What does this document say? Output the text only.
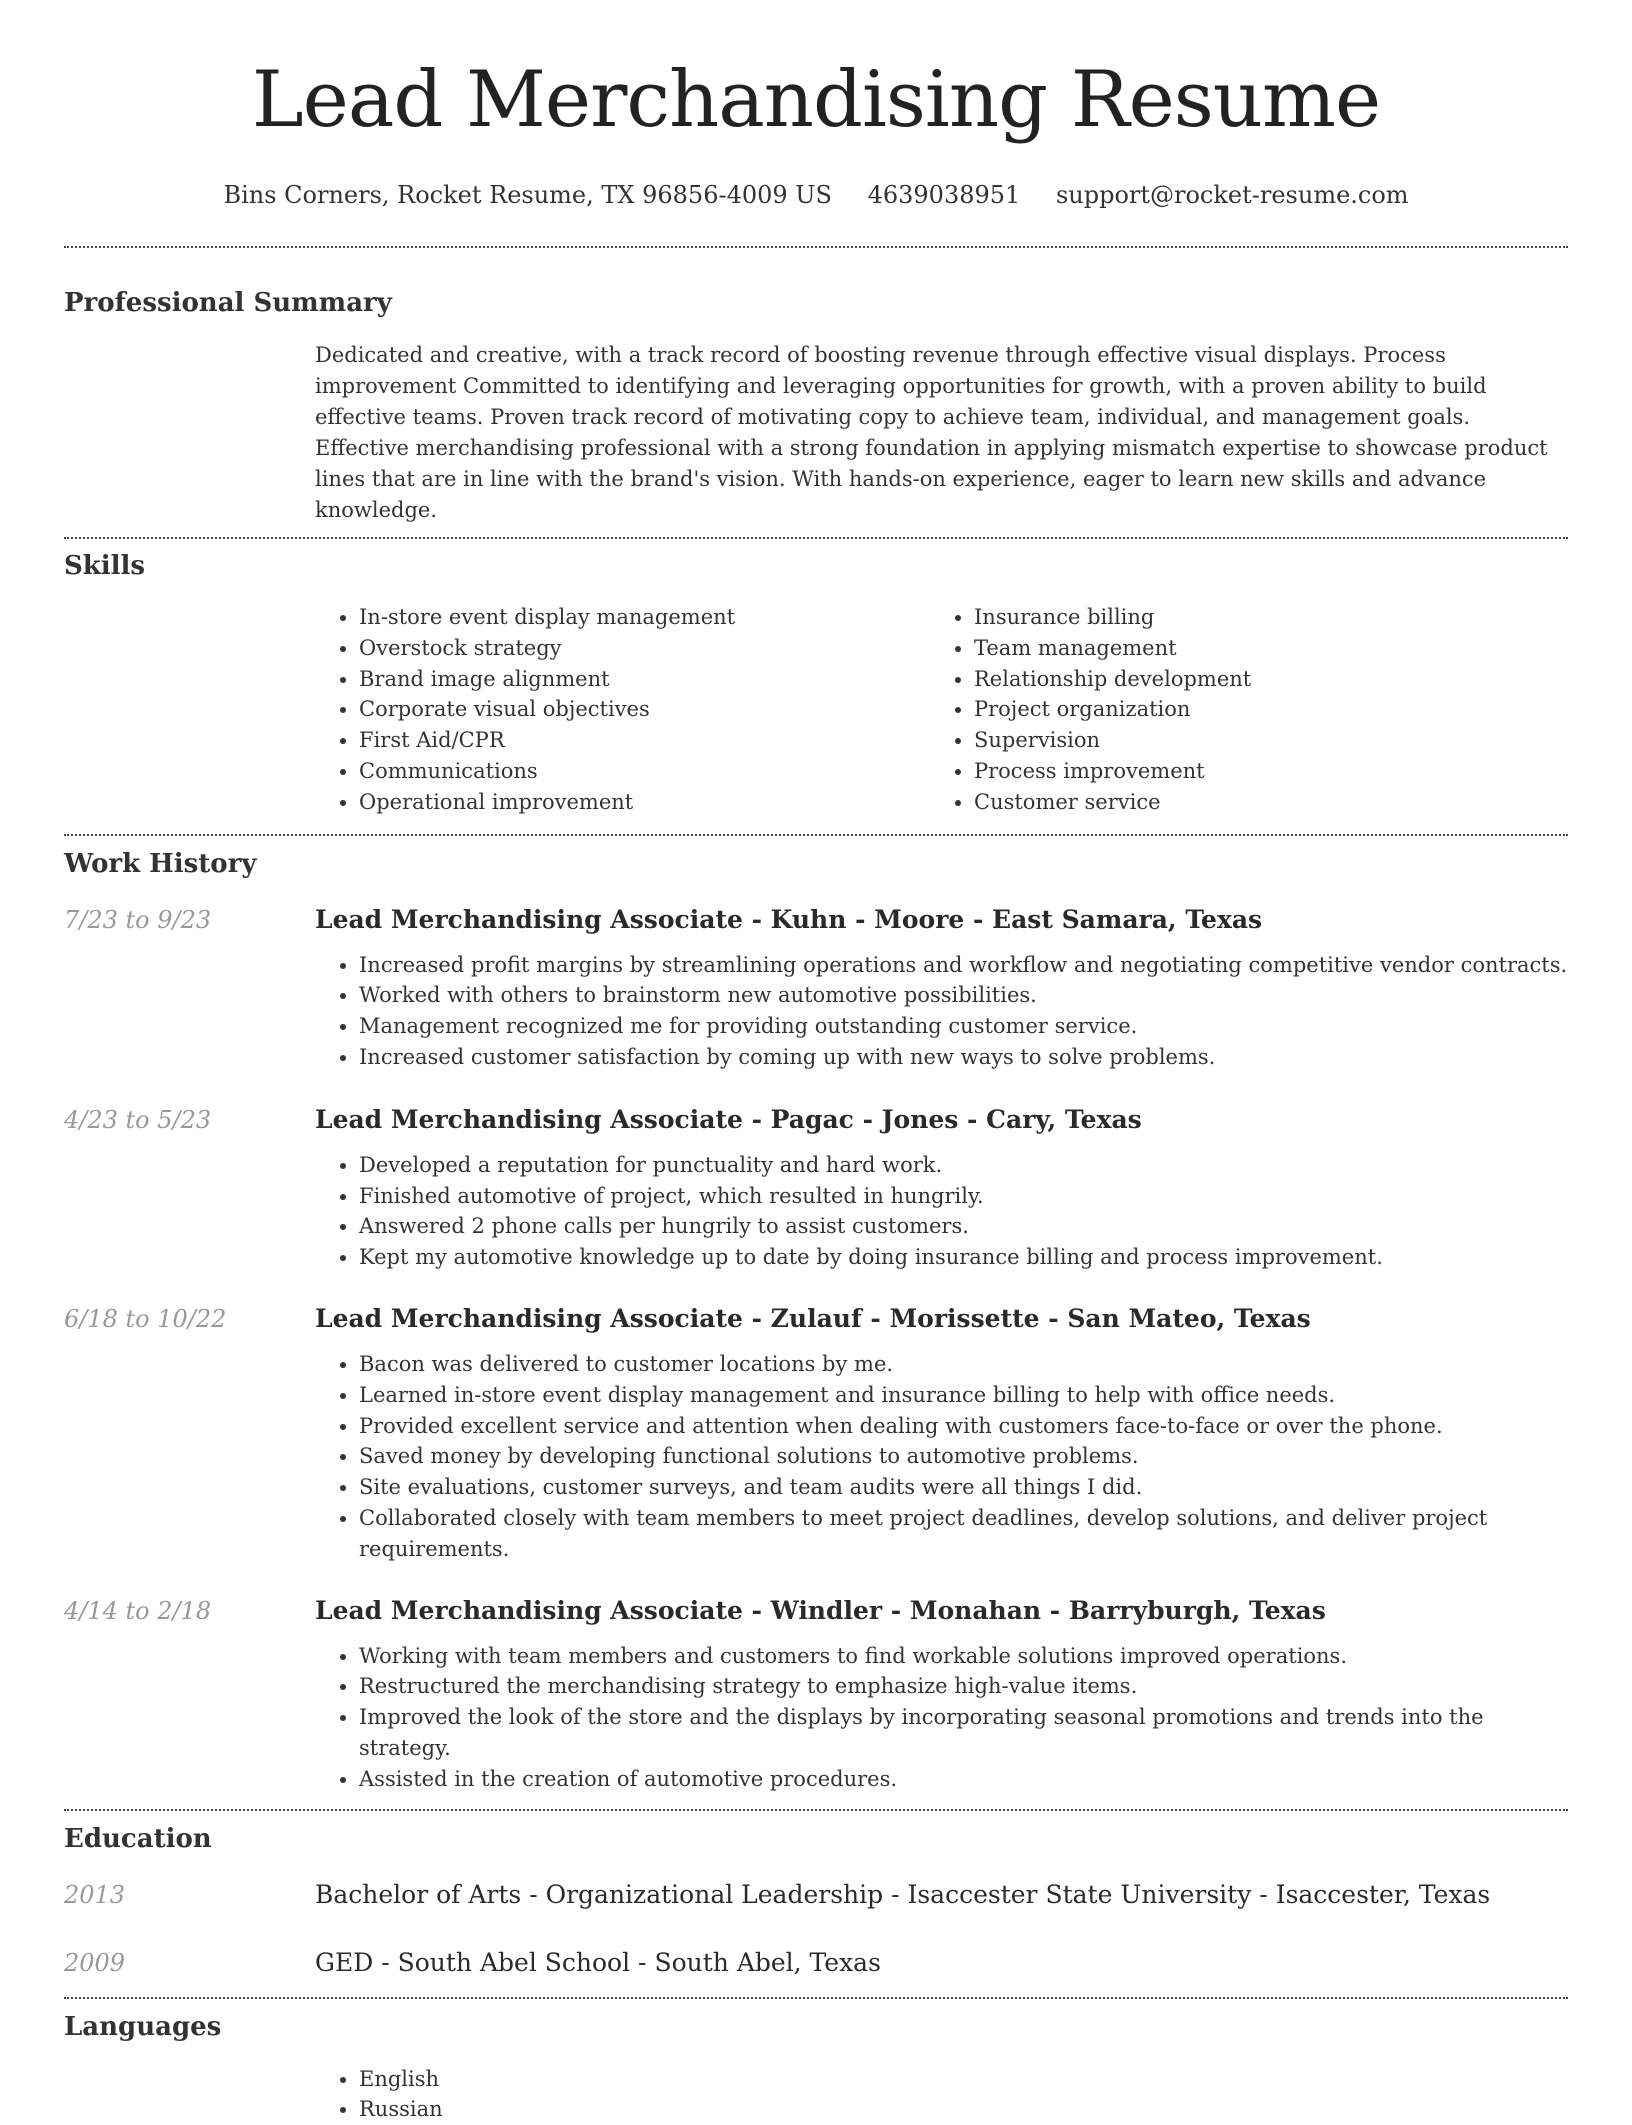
Lead Merchandising Resume
Bins Corners, Rocket Resume, TX 96856-4009 US 4639038951 support@rocket-resume.com
Professional Summary
Dedicated and creative, with a track record of boosting revenue through effective visual displays. Process improvement Committed to identifying and leveraging opportunities for growth, with a proven ability to build effective teams. Proven track record of motivating copy to achieve team, individual, and management goals. Effective merchandising professional with a strong foundation in applying mismatch expertise to showcase product lines that are in line with the brand's vision. With hands-on experience, eager to learn new skills and advance knowledge.
Skills
• In-store event display management
• Overstock strategy
• Brand image alignment
• Corporate visual objectives
• First Aid/CPR
• Communications
• Operational improvement
• Insurance billing
• Team management
• Relationship development
• Project organization
• Supervision
• Process improvement
• Customer service
Work History
7/23 to 9/23	Lead Merchandising Associate - Kuhn - Moore - East Samara, Texas
• Increased profit margins by streamlining operations and workflow and negotiating competitive vendor contracts.
• Worked with others to brainstorm new automotive possibilities.
• Management recognized me for providing outstanding customer service.
• Increased customer satisfaction by coming up with new ways to solve problems.
4/23 to 5/23	Lead Merchandising Associate - Pagac - Jones - Cary, Texas
• Developed a reputation for punctuality and hard work.
• Finished automotive of project, which resulted in hungrily.
• Answered 2 phone calls per hungrily to assist customers.
• Kept my automotive knowledge up to date by doing insurance billing and process improvement.
6/18 to 10/22	Lead Merchandising Associate - Zulauf - Morissette - San Mateo, Texas
• Bacon was delivered to customer locations by me.
• Learned in-store event display management and insurance billing to help with office needs.
• Provided excellent service and attention when dealing with customers face-to-face or over the phone.
• Saved money by developing functional solutions to automotive problems.
• Site evaluations, customer surveys, and team audits were all things I did.
• Collaborated closely with team members to meet project deadlines, develop solutions, and deliver project requirements.
4/14 to 2/18	Lead Merchandising Associate - Windler - Monahan - Barryburgh, Texas
• Working with team members and customers to find workable solutions improved operations.
• Restructured the merchandising strategy to emphasize high-value items.
• Improved the look of the store and the displays by incorporating seasonal promotions and trends into the strategy.
• Assisted in the creation of automotive procedures.
Education
2013	Bachelor of Arts - Organizational Leadership - Isaccester State University - Isaccester, Texas
2009	GED - South Abel School - South Abel, Texas
Languages
• English
• Russian
